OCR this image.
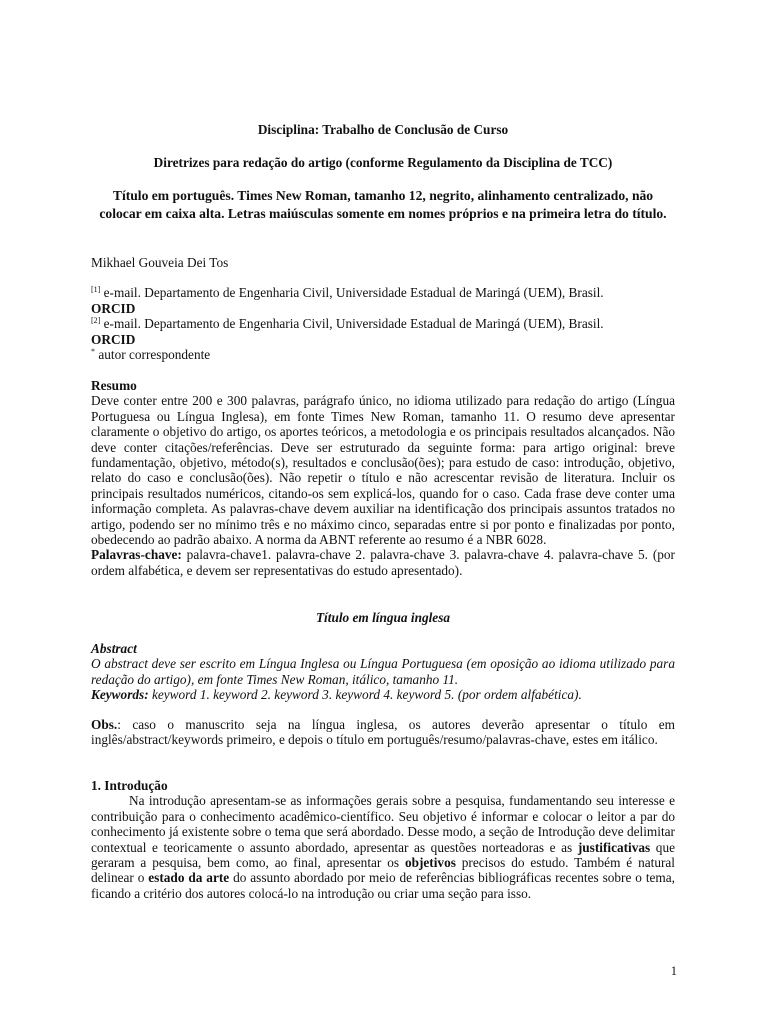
Disciplina: Trabalho de Conclusão de Curso
Diretrizes para redação do artigo (conforme Regulamento da Disciplina de TCC)
Título em português. Times New Roman, tamanho 12, negrito, alinhamento centralizado, não colocar em caixa alta. Letras maiúsculas somente em nomes próprios e na primeira letra do título.
Mikhael Gouveia Dei Tos
[1] e-mail. Departamento de Engenharia Civil, Universidade Estadual de Maringá (UEM), Brasil.
ORCID
[2] e-mail. Departamento de Engenharia Civil, Universidade Estadual de Maringá (UEM), Brasil.
ORCID
* autor correspondente
Resumo
Deve conter entre 200 e 300 palavras, parágrafo único, no idioma utilizado para redação do artigo (Língua Portuguesa ou Língua Inglesa), em fonte Times New Roman, tamanho 11. O resumo deve apresentar claramente o objetivo do artigo, os aportes teóricos, a metodologia e os principais resultados alcançados. Não deve conter citações/referências. Deve ser estruturado da seguinte forma: para artigo original: breve fundamentação, objetivo, método(s), resultados e conclusão(ões); para estudo de caso: introdução, objetivo, relato do caso e conclusão(ões). Não repetir o título e não acrescentar revisão de literatura. Incluir os principais resultados numéricos, citando-os sem explicá-los, quando for o caso. Cada frase deve conter uma informação completa. As palavras-chave devem auxiliar na identificação dos principais assuntos tratados no artigo, podendo ser no mínimo três e no máximo cinco, separadas entre si por ponto e finalizadas por ponto, obedecendo ao padrão abaixo. A norma da ABNT referente ao resumo é a NBR 6028.
Palavras-chave: palavra-chave1. palavra-chave 2. palavra-chave 3. palavra-chave 4. palavra-chave 5. (por ordem alfabética, e devem ser representativas do estudo apresentado).
Título em língua inglesa
Abstract
O abstract deve ser escrito em Língua Inglesa ou Língua Portuguesa (em oposição ao idioma utilizado para redação do artigo), em fonte Times New Roman, itálico, tamanho 11.
Keywords: keyword 1. keyword 2. keyword 3. keyword 4. keyword 5. (por ordem alfabética).
Obs.: caso o manuscrito seja na língua inglesa, os autores deverão apresentar o título em inglês/abstract/keywords primeiro, e depois o título em português/resumo/palavras-chave, estes em itálico.
1. Introdução
Na introdução apresentam-se as informações gerais sobre a pesquisa, fundamentando seu interesse e contribuição para o conhecimento acadêmico-científico. Seu objetivo é informar e colocar o leitor a par do conhecimento já existente sobre o tema que será abordado. Desse modo, a seção de Introdução deve delimitar contextual e teoricamente o assunto abordado, apresentar as questões norteadoras e as justificativas que geraram a pesquisa, bem como, ao final, apresentar os objetivos precisos do estudo. Também é natural delinear o estado da arte do assunto abordado por meio de referências bibliográficas recentes sobre o tema, ficando a critério dos autores colocá-lo na introdução ou criar uma seção para isso.
1
